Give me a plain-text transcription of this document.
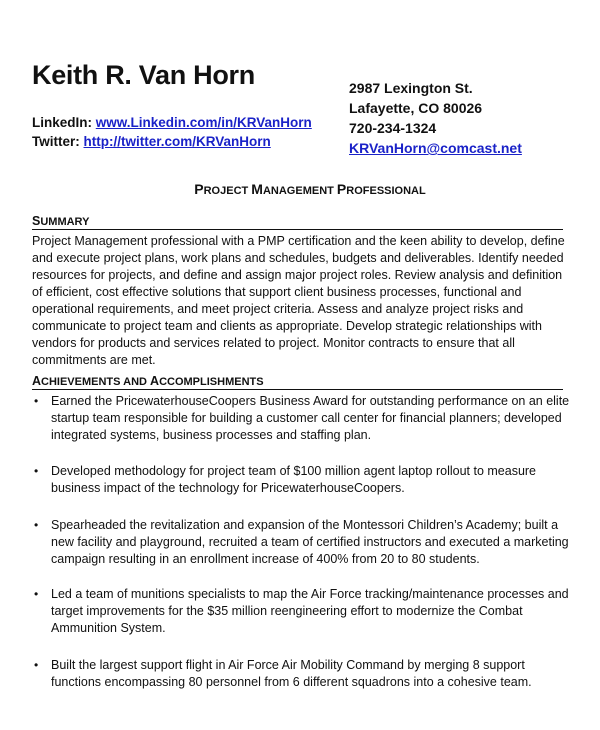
Keith R. Van Horn
LinkedIn: www.Linkedin.com/in/KRVanHorn
Twitter: http://twitter.com/KRVanHorn
2987 Lexington St.
Lafayette, CO 80026
720-234-1324
KRVanHorn@comcast.net
PROJECT MANAGEMENT PROFESSIONAL
SUMMARY
Project Management professional with a PMP certification and the keen ability to develop, define and execute project plans, work plans and schedules, budgets and deliverables. Identify needed resources for projects, and define and assign major project roles. Review analysis and definition of efficient, cost effective solutions that support client business processes, functional and operational requirements, and meet project criteria. Assess and analyze project risks and communicate to project team and clients as appropriate. Develop strategic relationships with vendors for products and services related to project. Monitor contracts to ensure that all commitments are met.
ACHIEVEMENTS AND ACCOMPLISHMENTS
• Earned the PricewaterhouseCoopers Business Award for outstanding performance on an elite startup team responsible for building a customer call center for financial planners; developed integrated systems, business processes and staffing plan.
• Developed methodology for project team of $100 million agent laptop rollout to measure business impact of the technology for PricewaterhouseCoopers.
• Spearheaded the revitalization and expansion of the Montessori Children’s Academy; built a new facility and playground, recruited a team of certified instructors and executed a marketing campaign resulting in an enrollment increase of 400% from 20 to 80 students.
• Led a team of munitions specialists to map the Air Force tracking/maintenance processes and target improvements for the $35 million reengineering effort to modernize the Combat Ammunition System.
• Built the largest support flight in Air Force Air Mobility Command by merging 8 support functions encompassing 80 personnel from 6 different squadrons into a cohesive team.
